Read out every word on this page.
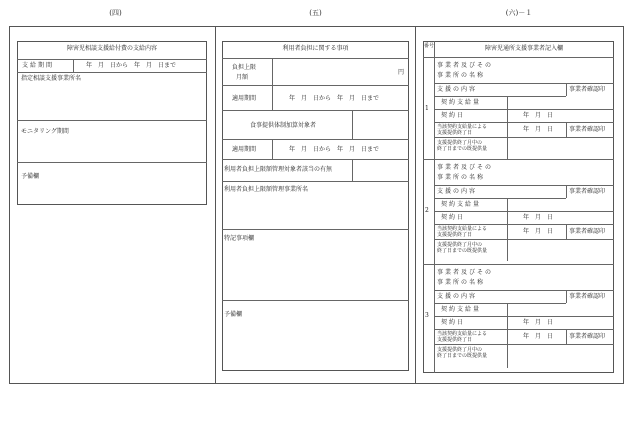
(四)
障害児相談支援給付費の支給内容
支給期間	年　月　日から　年　月　日まで
指定相談支援事業所名
モニタリング期間
予備欄
(五)
利用者負担に関する事項
負担上限
月額
円
適用期間	年　月　日から　年　月　日まで
食事提供体制加算対象者
適用期間	年　月　日から　年　月　日まで
利用者負担上限額管理対象者該当の有無
利用者負担上限額管理事業所名
特記事項欄
予備欄
(六)－１
番号	障害児通所支援事業者記入欄
1
事業者及びその
事業所の名称
支援の内容	事業者確認印
契約支給量
契約日	年　月　日
当該契約支給量による
支援提供終了日	年　月　日	事業者確認印
支援提供終了月中の
終了日までの既提供量
2
事業者及びその
事業所の名称
支援の内容	事業者確認印
契約支給量
契約日	年　月　日
当該契約支給量による
支援提供終了日	年　月　日	事業者確認印
支援提供終了月中の
終了日までの既提供量
3
事業者及びその
事業所の名称
支援の内容	事業者確認印
契約支給量
契約日	年　月　日
当該契約支給量による
支援提供終了日	年　月　日	事業者確認印
支援提供終了月中の
終了日までの既提供量
